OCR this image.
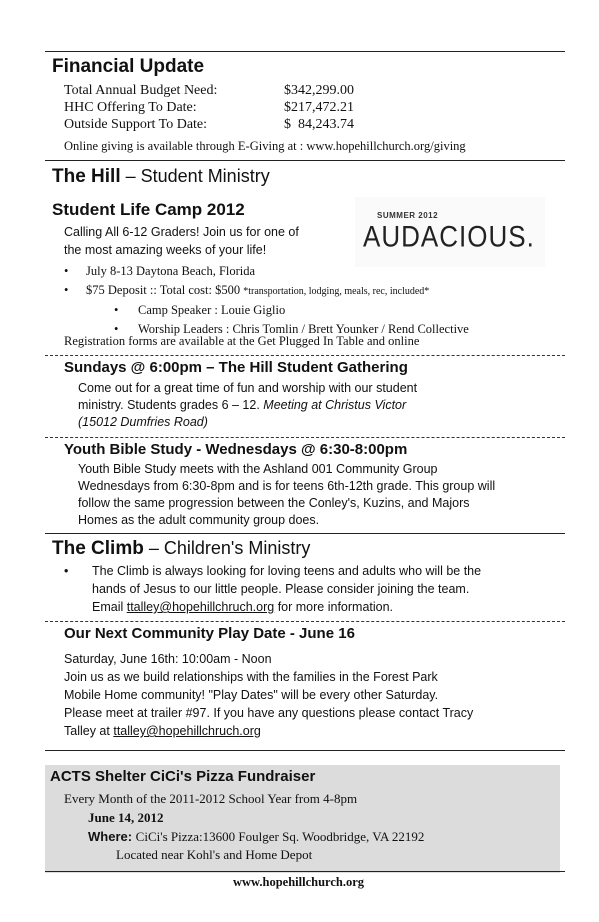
Financial Update
Total Annual Budget Need:	$342,299.00
HHC Offering To Date:	$217,472.21
Outside Support To Date:	$  84,243.74
Online giving is available through E-Giving at : www.hopehillchurch.org/giving
The Hill – Student Ministry
Student Life Camp 2012	SUMMER 2012
AUDACIOUS.
Calling All 6-12 Graders! Join us for one of
the most amazing weeks of your life!
• July 8-13 Daytona Beach, Florida
• $75 Deposit :: Total cost: $500 *transportation, lodging, meals, rec, included*
• Camp Speaker : Louie Giglio
• Worship Leaders : Chris Tomlin / Brett Younker / Rend Collective
Registration forms are available at the Get Plugged In Table and online
Sundays @ 6:00pm – The Hill Student Gathering
Come out for a great time of fun and worship with our student
ministry. Students grades 6 – 12. Meeting at Christus Victor
(15012 Dumfries Road)
Youth Bible Study - Wednesdays @ 6:30-8:00pm
Youth Bible Study meets with the Ashland 001 Community Group
Wednesdays from 6:30-8pm and is for teens 6th-12th grade. This group will
follow the same progression between the Conley's, Kuzins, and Majors
Homes as the adult community group does.
The Climb – Children's Ministry
• The Climb is always looking for loving teens and adults who will be the
hands of Jesus to our little people. Please consider joining the team.
Email ttalley@hopehillchruch.org for more information.
Our Next Community Play Date - June 16
Saturday, June 16th: 10:00am - Noon
Join us as we build relationships with the families in the Forest Park
Mobile Home community! "Play Dates" will be every other Saturday.
Please meet at trailer #97. If you have any questions please contact Tracy
Talley at ttalley@hopehillchruch.org
ACTS Shelter CiCi's Pizza Fundraiser
Every Month of the 2011-2012 School Year from 4-8pm
June 14, 2012
Where: CiCi's Pizza:13600 Foulger Sq. Woodbridge, VA 22192
Located near Kohl's and Home Depot
www.hopehillchurch.org
